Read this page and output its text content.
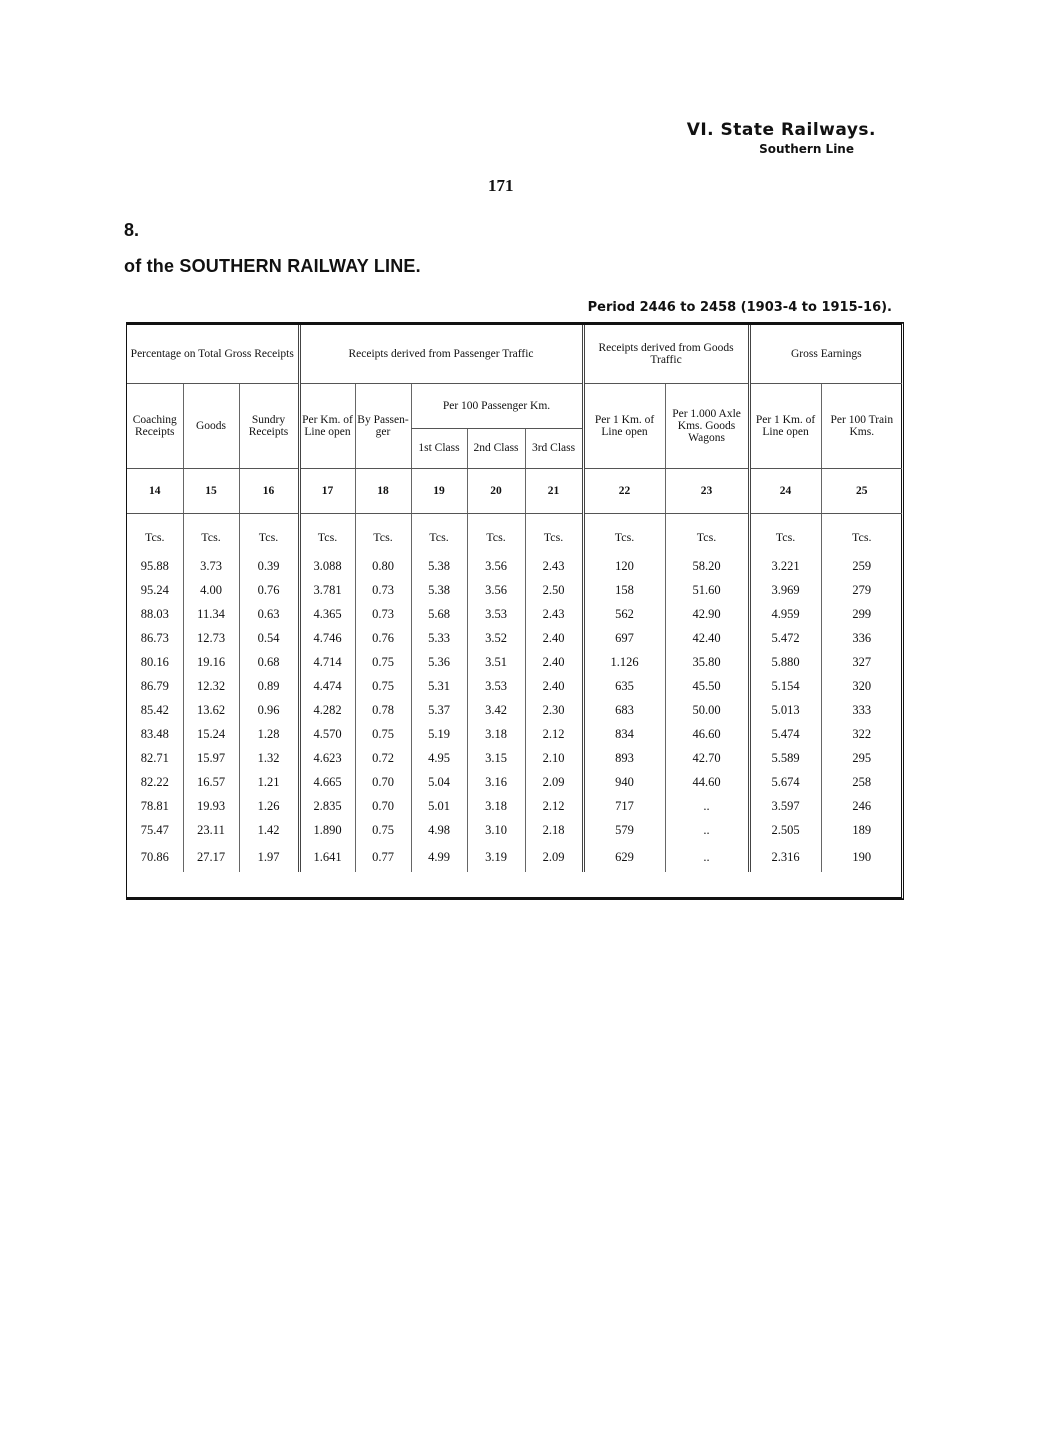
VI. State Railways.
Southern Line
171
8.
of the SOUTHERN RAILWAY LINE.
Period 2446 to 2458 (1903-4 to 1915-16).
Percentage on Total Gross Receipts			Receipts derived from Passenger Traffic					Receipts derived from Goods Traffic		Gross Earnings	
Coaching Receipts	Goods	Sundry Receipts	Per Km. of Line open	By Passen- ger	Per 100 Passenger Km.			Per 1 Km. of Line open	Per 1.000 Axle Kms. Goods Wagons	Per 1 Km. of Line open	Per 100 Train Kms.
					1st Class	2nd Class	3rd Class				
14	15	16	17	18	19	20	21	22	23	24	25
Tcs.	Tcs.	Tcs.	Tcs.	Tcs.	Tcs.	Tcs.	Tcs.	Tcs.	Tcs.	Tcs.	Tcs.
95.88	3.73	0.39	3.088	0.80	5.38	3.56	2.43	120	58.20	3.221	259
95.24	4.00	0.76	3.781	0.73	5.38	3.56	2.50	158	51.60	3.969	279
88.03	11.34	0.63	4.365	0.73	5.68	3.53	2.43	562	42.90	4.959	299
86.73	12.73	0.54	4.746	0.76	5.33	3.52	2.40	697	42.40	5.472	336
80.16	19.16	0.68	4.714	0.75	5.36	3.51	2.40	1.126	35.80	5.880	327
86.79	12.32	0.89	4.474	0.75	5.31	3.53	2.40	635	45.50	5.154	320
85.42	13.62	0.96	4.282	0.78	5.37	3.42	2.30	683	50.00	5.013	333
83.48	15.24	1.28	4.570	0.75	5.19	3.18	2.12	834	46.60	5.474	322
82.71	15.97	1.32	4.623	0.72	4.95	3.15	2.10	893	42.70	5.589	295
82.22	16.57	1.21	4.665	0.70	5.04	3.16	2.09	940	44.60	5.674	258
78.81	19.93	1.26	2.835	0.70	5.01	3.18	2.12	717	..	3.597	246
75.47	23.11	1.42	1.890	0.75	4.98	3.10	2.18	579	..	2.505	189
70.86	27.17	1.97	1.641	0.77	4.99	3.19	2.09	629	..	2.316	190
